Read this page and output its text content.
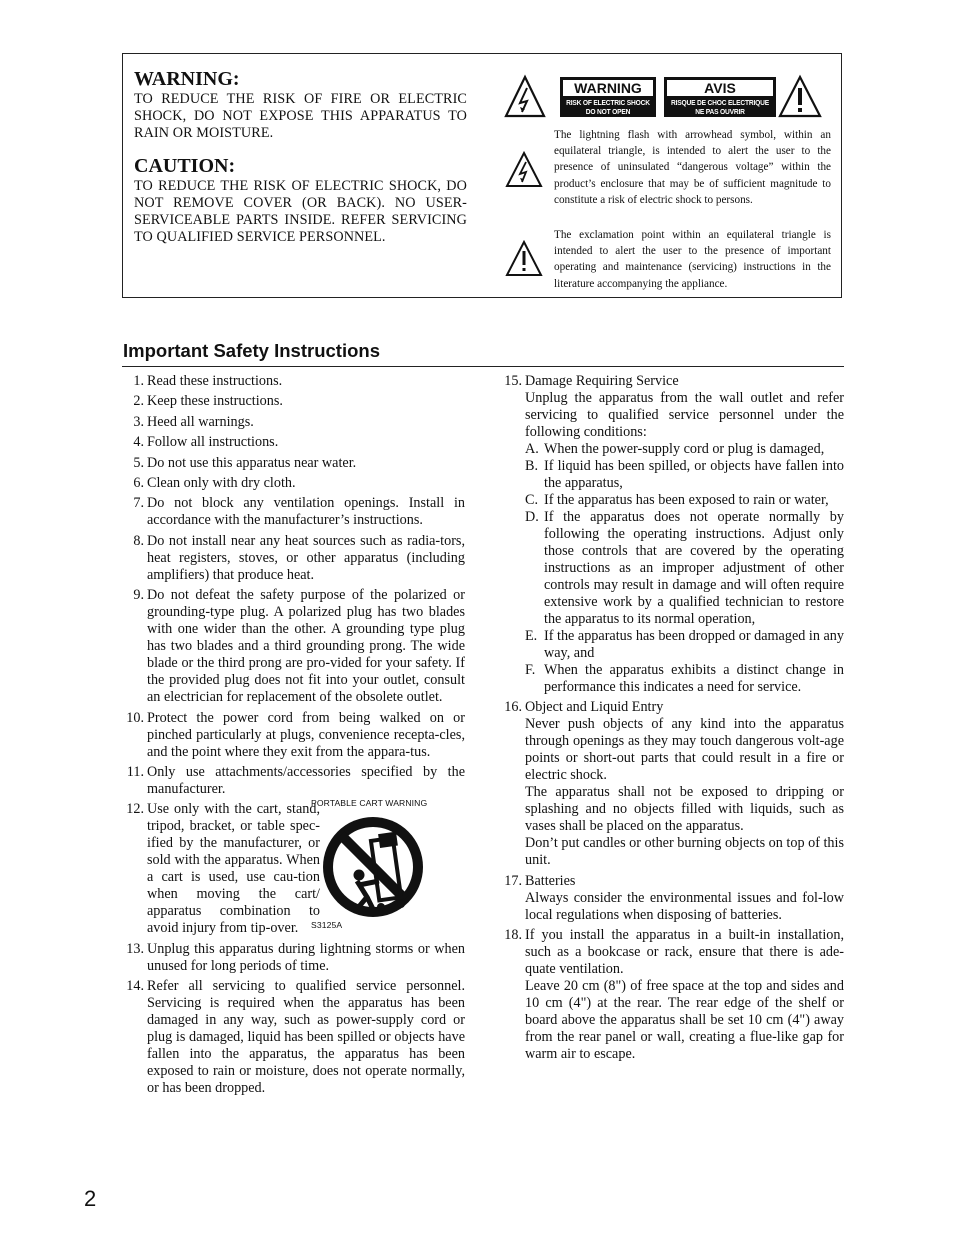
WARNING:

TO REDUCE THE RISK OF FIRE OR ELECTRIC SHOCK, DO NOT EXPOSE THIS APPARATUS TO RAIN OR MOISTURE.

CAUTION:

TO REDUCE THE RISK OF ELECTRIC SHOCK, DO NOT REMOVE COVER (OR BACK). NO USER-SERVICEABLE PARTS INSIDE. REFER SERVICING TO QUALIFIED SERVICE PERSONNEL.

WARNING
RISK OF ELECTRIC SHOCK
DO NOT OPEN
AVIS
RISQUE DE CHOC ELECTRIQUE
NE PAS OUVRIR
The lightning flash with arrowhead symbol, within an equilateral triangle, is intended to alert the user to the presence of uninsulated “dangerous voltage” within the product’s enclosure that may be of sufficient magnitude to constitute a risk of electric shock to persons.
The exclamation point within an equilateral triangle is intended to alert the user to the presence of important operating and maintenance (servicing) instructions in the literature accompanying the appliance.
Important Safety Instructions
1. Read these instructions.

2. Keep these instructions.

3. Heed all warnings.

4. Follow all instructions.

5. Do not use this apparatus near water.

6. Clean only with dry cloth.

7. Do not block any ventilation openings. Install in accordance with the manufacturer’s instructions.

8. Do not install near any heat sources such as radia-tors, heat registers, stoves, or other apparatus (including amplifiers) that produce heat.

9. Do not defeat the safety purpose of the polarized or grounding-type plug. A polarized plug has two blades with one wider than the other. A grounding type plug has two blades and a third grounding prong. The wide blade or the third prong are pro-vided for your safety. If the provided plug does not fit into your outlet, consult an electrician for replacement of the obsolete outlet.

10. Protect the power cord from being walked on or pinched particularly at plugs, convenience recepta-cles, and the point where they exit from the appara-tus.

11. Only use attachments/accessories specified by the manufacturer.

12. Use only with the cart, stand, tripod, bracket, or table spec-ified by the manufacturer, or sold with the apparatus. When a cart is used, use cau-tion when moving the cart/ apparatus combination to avoid injury from tip-over.

PORTABLE CART WARNING
S3125A
13. Unplug this apparatus during lightning storms or when unused for long periods of time.

14. Refer all servicing to qualified service personnel. Servicing is required when the apparatus has been damaged in any way, such as power-supply cord or plug is damaged, liquid has been spilled or objects have fallen into the apparatus, the apparatus has been exposed to rain or moisture, does not operate normally, or has been dropped.

15. Damage Requiring Service

Unplug the apparatus from the wall outlet and refer servicing to qualified service personnel under the following conditions:

A. When the power-supply cord or plug is damaged,
B. If liquid has been spilled, or objects have fallen into the apparatus,
C. If the apparatus has been exposed to rain or water,
D. If the apparatus does not operate normally by following the operating instructions. Adjust only those controls that are covered by the operating instructions as an improper adjustment of other controls may result in damage and will often require extensive work by a qualified technician to restore the apparatus to its normal operation,
E. If the apparatus has been dropped or damaged in any way, and
F. When the apparatus exhibits a distinct change in performance this indicates a need for service.
16. Object and Liquid Entry

Never push objects of any kind into the apparatus through openings as they may touch dangerous volt-age points or short-out parts that could result in a fire or electric shock.

The apparatus shall not be exposed to dripping or splashing and no objects filled with liquids, such as vases shall be placed on the apparatus.

Don’t put candles or other burning objects on top of this unit.

17. Batteries

Always consider the environmental issues and fol-low local regulations when disposing of batteries.

18. If you install the apparatus in a built-in installation, such as a bookcase or rack, ensure that there is ade-quate ventilation.

Leave 20 cm (8") of free space at the top and sides and 10 cm (4") at the rear. The rear edge of the shelf or board above the apparatus shall be set 10 cm (4") away from the rear panel or wall, creating a flue-like gap for warm air to escape.

2
